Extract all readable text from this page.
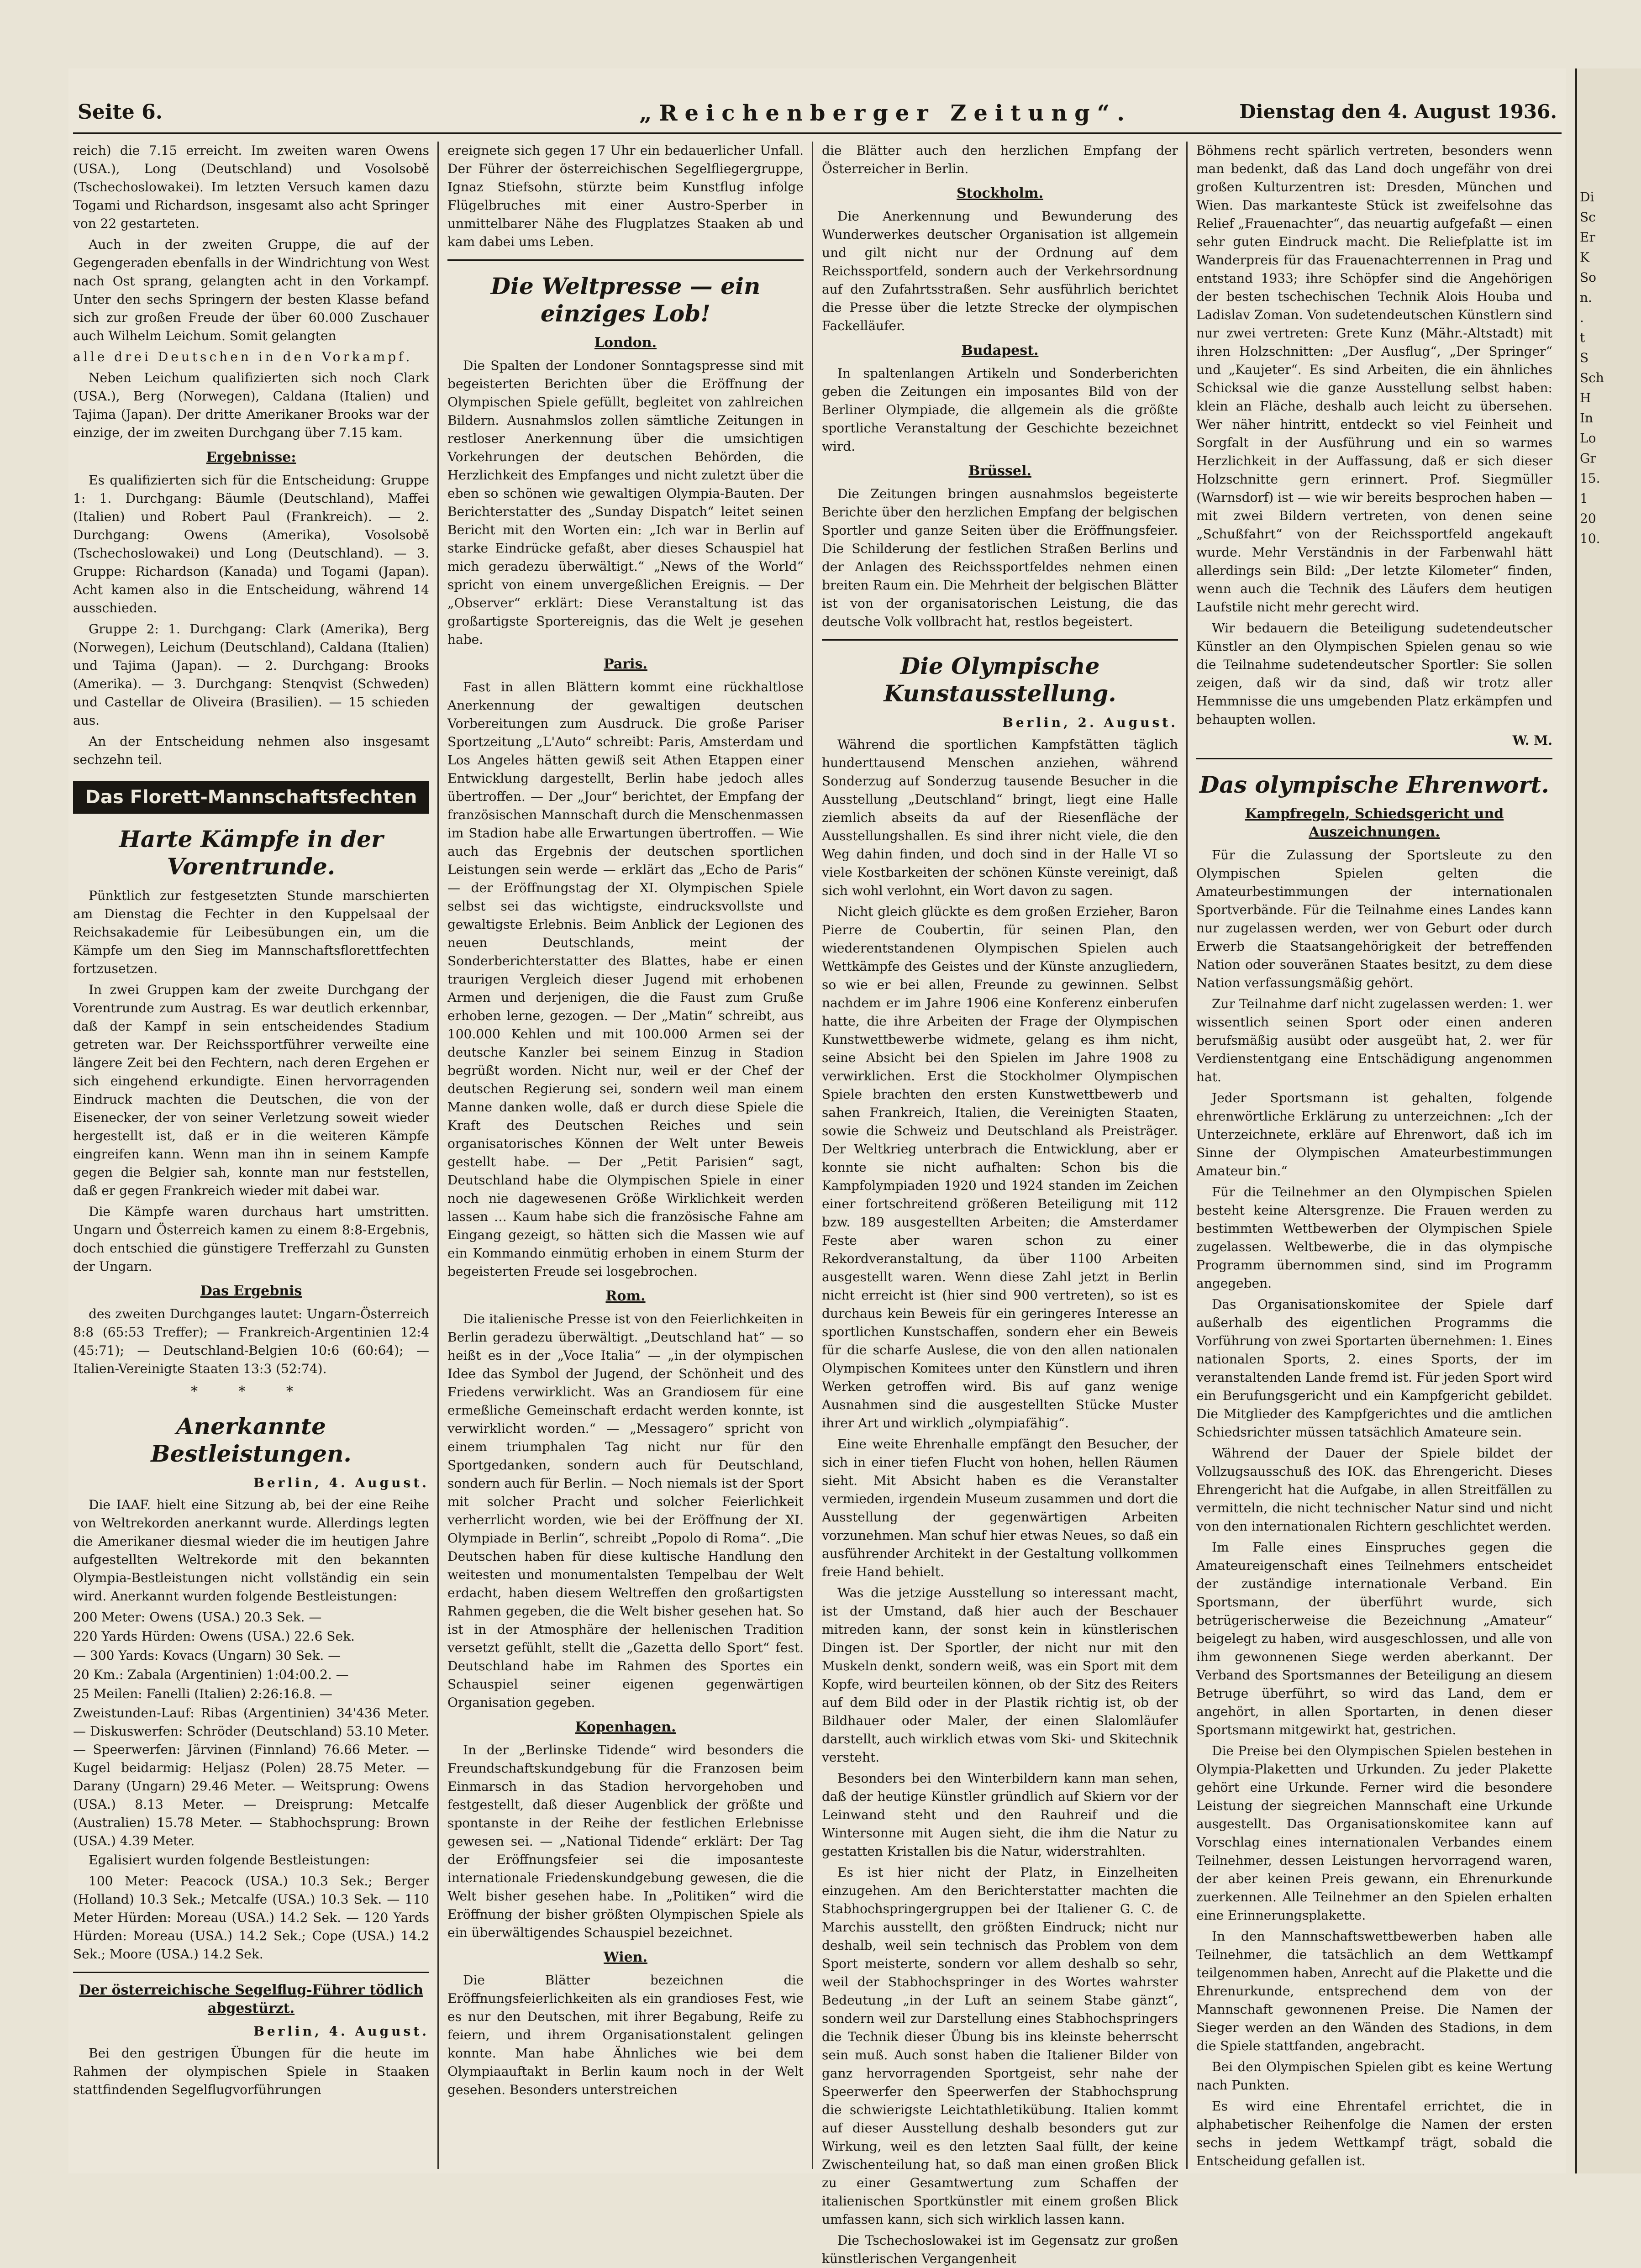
Seite 6.	„Reichenberger Zeitung“.	Dienstag den 4. August 1936.

reich) die 7.15 erreicht. Im zweiten waren Owens (USA.), Long (Deutschland) und Vosolsobě (Tschechoslowakei). Im letzten Versuch kamen dazu Togami und Richardson, insgesamt also acht Springer von 22 gestarteten.

Auch in der zweiten Gruppe, die auf der Gegengeraden ebenfalls in der Windrichtung von West nach Ost sprang, gelangten acht in den Vorkampf. Unter den sechs Springern der besten Klasse befand sich zur großen Freude der über 60.000 Zuschauer auch Wilhelm Leichum. Somit gelangten

alle drei Deutschen in den Vorkampf.

Neben Leichum qualifizierten sich noch Clark (USA.), Berg (Norwegen), Caldana (Italien) und Tajima (Japan). Der dritte Amerikaner Brooks war der einzige, der im zweiten Durchgang über 7.15 kam.

Ergebnisse:

Es qualifizierten sich für die Entscheidung: Gruppe 1: 1. Durchgang: Bäumle (Deutschland), Maffei (Italien) und Robert Paul (Frankreich). — 2. Durchgang: Owens (Amerika), Vosolsobě (Tschechoslowakei) und Long (Deutschland). — 3. Gruppe: Richardson (Kanada) und Togami (Japan). Acht kamen also in die Entscheidung, während 14 ausschieden.

Gruppe 2: 1. Durchgang: Clark (Amerika), Berg (Norwegen), Leichum (Deutschland), Caldana (Italien) und Tajima (Japan). — 2. Durchgang: Brooks (Amerika). — 3. Durchgang: Stenqvist (Schweden) und Castellar de Oliveira (Brasilien). — 15 schieden aus.

An der Entscheidung nehmen also insgesamt sechzehn teil.

Das Florett-Mannschaftsfechten
Harte Kämpfe in der Vorentrunde.

Pünktlich zur festgesetzten Stunde marschierten am Dienstag die Fechter in den Kuppelsaal der Reichsakademie für Leibesübungen ein, um die Kämpfe um den Sieg im Mannschaftsflorettfechten fortzusetzen.

In zwei Gruppen kam der zweite Durchgang der Vorentrunde zum Austrag. Es war deutlich erkennbar, daß der Kampf in sein entscheidendes Stadium getreten war. Der Reichssportführer verweilte eine längere Zeit bei den Fechtern, nach deren Ergehen er sich eingehend erkundigte. Einen hervorragenden Eindruck machten die Deutschen, die von der Eisenecker, der von seiner Verletzung soweit wieder hergestellt ist, daß er in die weiteren Kämpfe eingreifen kann. Wenn man ihn in seinem Kampfe gegen die Belgier sah, konnte man nur feststellen, daß er gegen Frankreich wieder mit dabei war.

Die Kämpfe waren durchaus hart umstritten. Ungarn und Österreich kamen zu einem 8:8-Ergebnis, doch entschied die günstigere Trefferzahl zu Gunsten der Ungarn.

Das Ergebnis

des zweiten Durchganges lautet: Ungarn-Österreich 8:8 (65:53 Treffer); — Frankreich-Argentinien 12:4 (45:71); — Deutschland-Belgien 10:6 (60:64); — Italien-Vereinigte Staaten 13:3 (52:74).

* * *
Anerkannte Bestleistungen.
Berlin, 4. August.

Die IAAF. hielt eine Sitzung ab, bei der eine Reihe von Weltrekorden anerkannt wurde. Allerdings legten die Amerikaner diesmal wieder die im heutigen Jahre aufgestellten Weltrekorde mit den bekannten Olympia-Bestleistungen nicht vollständig ein sein wird. Anerkannt wurden folgende Bestleistungen:

200 Meter: Owens (USA.) 20.3 Sek. —
220 Yards Hürden: Owens (USA.) 22.6 Sek.
— 300 Yards: Kovacs (Ungarn) 30 Sek. —
20 Km.: Zabala (Argentinien) 1:04:00.2. —
25 Meilen: Fanelli (Italien) 2:26:16.8. —
Zweistunden-Lauf: Ribas (Argentinien) 34'436 Meter. — Diskuswerfen: Schröder (Deutschland) 53.10 Meter. — Speerwerfen: Järvinen (Finnland) 76.66 Meter. — Kugel beidarmig: Heljasz (Polen) 28.75 Meter. — Darany (Ungarn) 29.46 Meter. — Weitsprung: Owens (USA.) 8.13 Meter. — Dreisprung: Metcalfe (Australien) 15.78 Meter. — Stabhochsprung: Brown (USA.) 4.39 Meter.

Egalisiert wurden folgende Bestleistungen:

100 Meter: Peacock (USA.) 10.3 Sek.; Berger (Holland) 10.3 Sek.; Metcalfe (USA.) 10.3 Sek. — 110 Meter Hürden: Moreau (USA.) 14.2 Sek. — 120 Yards Hürden: Moreau (USA.) 14.2 Sek.; Cope (USA.) 14.2 Sek.; Moore (USA.) 14.2 Sek.

Der österreichische Segelflug-Führer tödlich abgestürzt.
Berlin, 4. August.

Bei den gestrigen Übungen für die heute im Rahmen der olympischen Spiele in Staaken stattfindenden Segelflugvorführungen

ereignete sich gegen 17 Uhr ein bedauerlicher Unfall. Der Führer der österreichischen Segelfliegergruppe, Ignaz Stiefsohn, stürzte beim Kunstflug infolge Flügelbruches mit einer Austro-Sperber in unmittelbarer Nähe des Flugplatzes Staaken ab und kam dabei ums Leben.

Die Weltpresse — ein einziges Lob!
London.

Die Spalten der Londoner Sonntagspresse sind mit begeisterten Berichten über die Eröffnung der Olympischen Spiele gefüllt, begleitet von zahlreichen Bildern. Ausnahmslos zollen sämtliche Zeitungen in restloser Anerkennung über die umsichtigen Vorkehrungen der deutschen Behörden, die Herzlichkeit des Empfanges und nicht zuletzt über die eben so schönen wie gewaltigen Olympia-Bauten. Der Berichterstatter des „Sunday Dispatch“ leitet seinen Bericht mit den Worten ein: „Ich war in Berlin auf starke Eindrücke gefaßt, aber dieses Schauspiel hat mich geradezu überwältigt.“ „News of the World“ spricht von einem unvergeßlichen Ereignis. — Der „Observer“ erklärt: Diese Veranstaltung ist das großartigste Sportereignis, das die Welt je gesehen habe.

Paris.

Fast in allen Blättern kommt eine rückhaltlose Anerkennung der gewaltigen deutschen Vorbereitungen zum Ausdruck. Die große Pariser Sportzeitung „L'Auto“ schreibt: Paris, Amsterdam und Los Angeles hätten gewiß seit Athen Etappen einer Entwicklung dargestellt, Berlin habe jedoch alles übertroffen. — Der „Jour“ berichtet, der Empfang der französischen Mannschaft durch die Menschenmassen im Stadion habe alle Erwartungen übertroffen. — Wie auch das Ergebnis der deutschen sportlichen Leistungen sein werde — erklärt das „Echo de Paris“ — der Eröffnungstag der XI. Olympischen Spiele selbst sei das wichtigste, eindrucksvollste und gewaltigste Erlebnis. Beim Anblick der Legionen des neuen Deutschlands, meint der Sonderberichterstatter des Blattes, habe er einen traurigen Vergleich dieser Jugend mit erhobenen Armen und derjenigen, die die Faust zum Gruße erhoben lerne, gezogen. — Der „Matin“ schreibt, aus 100.000 Kehlen und mit 100.000 Armen sei der deutsche Kanzler bei seinem Einzug in Stadion begrüßt worden. Nicht nur, weil er der Chef der deutschen Regierung sei, sondern weil man einem Manne danken wolle, daß er durch diese Spiele die Kraft des Deutschen Reiches und sein organisatorisches Können der Welt unter Beweis gestellt habe. — Der „Petit Parisien“ sagt, Deutschland habe die Olympischen Spiele in einer noch nie dagewesenen Größe Wirklichkeit werden lassen … Kaum habe sich die französische Fahne am Eingang gezeigt, so hätten sich die Massen wie auf ein Kommando einmütig erhoben in einem Sturm der begeisterten Freude sei losgebrochen.

Rom.

Die italienische Presse ist von den Feierlichkeiten in Berlin geradezu überwältigt. „Deutschland hat“ — so heißt es in der „Voce Italia“ — „in der olympischen Idee das Symbol der Jugend, der Schönheit und des Friedens verwirklicht. Was an Grandiosem für eine ermeßliche Gemeinschaft erdacht werden konnte, ist verwirklicht worden.“ — „Messagero“ spricht von einem triumphalen Tag nicht nur für den Sportgedanken, sondern auch für Deutschland, sondern auch für Berlin. — Noch niemals ist der Sport mit solcher Pracht und solcher Feierlichkeit verherrlicht worden, wie bei der Eröffnung der XI. Olympiade in Berlin“, schreibt „Popolo di Roma“. „Die Deutschen haben für diese kultische Handlung den weitesten und monumentalsten Tempelbau der Welt erdacht, haben diesem Weltreffen den großartigsten Rahmen gegeben, die die Welt bisher gesehen hat. So ist in der Atmosphäre der hellenischen Tradition versetzt gefühlt, stellt die „Gazetta dello Sport“ fest. Deutschland habe im Rahmen des Sportes ein Schauspiel seiner eigenen gegenwärtigen Organisation gegeben.

Kopenhagen.

In der „Berlinske Tidende“ wird besonders die Freundschaftskundgebung für die Franzosen beim Einmarsch in das Stadion hervorgehoben und festgestellt, daß dieser Augenblick der größte und spontanste in der Reihe der festlichen Erlebnisse gewesen sei. — „National Tidende“ erklärt: Der Tag der Eröffnungsfeier sei die imposanteste internationale Friedenskundgebung gewesen, die die Welt bisher gesehen habe. In „Politiken“ wird die Eröffnung der bisher größten Olympischen Spiele als ein überwältigendes Schauspiel bezeichnet.

Wien.

Die Blätter bezeichnen die Eröffnungsfeierlichkeiten als ein grandioses Fest, wie es nur den Deutschen, mit ihrer Begabung, Reife zu feiern, und ihrem Organisationstalent gelingen konnte. Man habe Ähnliches wie bei dem Olympiaauftakt in Berlin kaum noch in der Welt gesehen. Besonders unterstreichen

die Blätter auch den herzlichen Empfang der Österreicher in Berlin.

Stockholm.

Die Anerkennung und Bewunderung des Wunderwerkes deutscher Organisation ist allgemein und gilt nicht nur der Ordnung auf dem Reichssportfeld, sondern auch der Verkehrsordnung auf den Zufahrtsstraßen. Sehr ausführlich berichtet die Presse über die letzte Strecke der olympischen Fackelläufer.

Budapest.

In spaltenlangen Artikeln und Sonderberichten geben die Zeitungen ein imposantes Bild von der Berliner Olympiade, die allgemein als die größte sportliche Veranstaltung der Geschichte bezeichnet wird.

Brüssel.

Die Zeitungen bringen ausnahmslos begeisterte Berichte über den herzlichen Empfang der belgischen Sportler und ganze Seiten über die Eröffnungsfeier. Die Schilderung der festlichen Straßen Berlins und der Anlagen des Reichssportfeldes nehmen einen breiten Raum ein. Die Mehrheit der belgischen Blätter ist von der organisatorischen Leistung, die das deutsche Volk vollbracht hat, restlos begeistert.

Die Olympische Kunstausstellung.
Berlin, 2. August.

Während die sportlichen Kampfstätten täglich hunderttausend Menschen anziehen, während Sonderzug auf Sonderzug tausende Besucher in die Ausstellung „Deutschland“ bringt, liegt eine Halle ziemlich abseits da auf der Riesenfläche der Ausstellungshallen. Es sind ihrer nicht viele, die den Weg dahin finden, und doch sind in der Halle VI so viele Kostbarkeiten der schönen Künste vereinigt, daß sich wohl verlohnt, ein Wort davon zu sagen.

Nicht gleich glückte es dem großen Erzieher, Baron Pierre de Coubertin, für seinen Plan, den wiederentstandenen Olympischen Spielen auch Wettkämpfe des Geistes und der Künste anzugliedern, so wie er bei allen, Freunde zu gewinnen. Selbst nachdem er im Jahre 1906 eine Konferenz einberufen hatte, die ihre Arbeiten der Frage der Olympischen Kunstwettbewerbe widmete, gelang es ihm nicht, seine Absicht bei den Spielen im Jahre 1908 zu verwirklichen. Erst die Stockholmer Olympischen Spiele brachten den ersten Kunstwettbewerb und sahen Frankreich, Italien, die Vereinigten Staaten, sowie die Schweiz und Deutschland als Preisträger. Der Weltkrieg unterbrach die Entwicklung, aber er konnte sie nicht aufhalten: Schon bis die Kampfolympiaden 1920 und 1924 standen im Zeichen einer fortschreitend größeren Beteiligung mit 112 bzw. 189 ausgestellten Arbeiten; die Amsterdamer Feste aber waren schon zu einer Rekordveranstaltung, da über 1100 Arbeiten ausgestellt waren. Wenn diese Zahl jetzt in Berlin nicht erreicht ist (hier sind 900 vertreten), so ist es durchaus kein Beweis für ein geringeres Interesse an sportlichen Kunstschaffen, sondern eher ein Beweis für die scharfe Auslese, die von den allen nationalen Olympischen Komitees unter den Künstlern und ihren Werken getroffen wird. Bis auf ganz wenige Ausnahmen sind die ausgestellten Stücke Muster ihrer Art und wirklich „olympiafähig“.

Eine weite Ehrenhalle empfängt den Besucher, der sich in einer tiefen Flucht von hohen, hellen Räumen sieht. Mit Absicht haben es die Veranstalter vermieden, irgendein Museum zusammen und dort die Ausstellung der gegenwärtigen Arbeiten vorzunehmen. Man schuf hier etwas Neues, so daß ein ausführender Architekt in der Gestaltung vollkommen freie Hand behielt.

Was die jetzige Ausstellung so interessant macht, ist der Umstand, daß hier auch der Beschauer mitreden kann, der sonst kein in künstlerischen Dingen ist. Der Sportler, der nicht nur mit den Muskeln denkt, sondern weiß, was ein Sport mit dem Kopfe, wird beurteilen können, ob der Sitz des Reiters auf dem Bild oder in der Plastik richtig ist, ob der Bildhauer oder Maler, der einen Slalomläufer darstellt, auch wirklich etwas vom Ski- und Skitechnik versteht.

Besonders bei den Winterbildern kann man sehen, daß der heutige Künstler gründlich auf Skiern vor der Leinwand steht und den Rauhreif und die Wintersonne mit Augen sieht, die ihm die Natur zu gestatten Kristallen bis die Natur, widerstrahlten.

Es ist hier nicht der Platz, in Einzelheiten einzugehen. Am den Berichterstatter machten die Stabhochspringergruppen bei der Italiener G. C. de Marchis ausstellt, den größten Eindruck; nicht nur deshalb, weil sein technisch das Problem von dem Sport meisterte, sondern vor allem deshalb so sehr, weil der Stabhochspringer in des Wortes wahrster Bedeutung „in der Luft an seinem Stabe gänzt“, sondern weil zur Darstellung eines Stabhochspringers die Technik dieser Übung bis ins kleinste beherrscht sein muß. Auch sonst haben die Italiener Bilder von ganz hervorragenden Sportgeist, sehr nahe der Speerwerfer den Speerwerfen der Stabhochsprung die schwierigste Leichtathletikübung. Italien kommt auf dieser Ausstellung deshalb besonders gut zur Wirkung, weil es den letzten Saal füllt, der keine Zwischenteilung hat, so daß man einen großen Blick zu einer Gesamtwertung zum Schaffen der italienischen Sportkünstler mit einem großen Blick umfassen kann, sich sich wirklich lassen kann.

Die Tschechoslowakei ist im Gegensatz zur großen künstlerischen Vergangenheit

Böhmens recht spärlich vertreten, besonders wenn man bedenkt, daß das Land doch ungefähr von drei großen Kulturzentren ist: Dresden, München und Wien. Das markanteste Stück ist zweifelsohne das Relief „Frauenachter“, das neuartig aufgefaßt — einen sehr guten Eindruck macht. Die Reliefplatte ist im Wanderpreis für das Frauenachterrennen in Prag und entstand 1933; ihre Schöpfer sind die Angehörigen der besten tschechischen Technik Alois Houba und Ladislav Zoman. Von sudetendeutschen Künstlern sind nur zwei vertreten: Grete Kunz (Mähr.-Altstadt) mit ihren Holzschnitten: „Der Ausflug“, „Der Springer“ und „Kaujeter“. Es sind Arbeiten, die ein ähnliches Schicksal wie die ganze Ausstellung selbst haben: klein an Fläche, deshalb auch leicht zu übersehen. Wer näher hintritt, entdeckt so viel Feinheit und Sorgfalt in der Ausführung und ein so warmes Herzlichkeit in der Auffassung, daß er sich dieser Holzschnitte gern erinnert. Prof. Siegmüller (Warnsdorf) ist — wie wir bereits besprochen haben — mit zwei Bildern vertreten, von denen seine „Schußfahrt“ von der Reichssportfeld angekauft wurde. Mehr Verständnis in der Farbenwahl hätt allerdings sein Bild: „Der letzte Kilometer“ finden, wenn auch die Technik des Läufers dem heutigen Laufstile nicht mehr gerecht wird.

Wir bedauern die Beteiligung sudetendeutscher Künstler an den Olympischen Spielen genau so wie die Teilnahme sudetendeutscher Sportler: Sie sollen zeigen, daß wir da sind, daß wir trotz aller Hemmnisse die uns umgebenden Platz erkämpfen und behaupten wollen.

W. M.
Das olympische Ehrenwort.
Kampfregeln, Schiedsgericht und Auszeichnungen.

Für die Zulassung der Sportsleute zu den Olympischen Spielen gelten die Amateurbestimmungen der internationalen Sportverbände. Für die Teilnahme eines Landes kann nur zugelassen werden, wer von Geburt oder durch Erwerb die Staatsangehörigkeit der betreffenden Nation oder souveränen Staates besitzt, zu dem diese Nation verfassungsmäßig gehört.

Zur Teilnahme darf nicht zugelassen werden: 1. wer wissentlich seinen Sport oder einen anderen berufsmäßig ausübt oder ausgeübt hat, 2. wer für Verdienstentgang eine Entschädigung angenommen hat.

Jeder Sportsmann ist gehalten, folgende ehrenwörtliche Erklärung zu unterzeichnen: „Ich der Unterzeichnete, erkläre auf Ehrenwort, daß ich im Sinne der Olympischen Amateurbestimmungen Amateur bin.“

Für die Teilnehmer an den Olympischen Spielen besteht keine Altersgrenze. Die Frauen werden zu bestimmten Wettbewerben der Olympischen Spiele zugelassen. Weltbewerbe, die in das olympische Programm übernommen sind, sind im Programm angegeben.

Das Organisationskomitee der Spiele darf außerhalb des eigentlichen Programms die Vorführung von zwei Sportarten übernehmen: 1. Eines nationalen Sports, 2. eines Sports, der im veranstaltenden Lande fremd ist. Für jeden Sport wird ein Berufungsgericht und ein Kampfgericht gebildet. Die Mitglieder des Kampfgerichtes und die amtlichen Schiedsrichter müssen tatsächlich Amateure sein.

Während der Dauer der Spiele bildet der Vollzugsausschuß des IOK. das Ehrengericht. Dieses Ehrengericht hat die Aufgabe, in allen Streitfällen zu vermitteln, die nicht technischer Natur sind und nicht von den internationalen Richtern geschlichtet werden.

Im Falle eines Einspruches gegen die Amateureigenschaft eines Teilnehmers entscheidet der zuständige internationale Verband. Ein Sportsmann, der überführt wurde, sich betrügerischerweise die Bezeichnung „Amateur“ beigelegt zu haben, wird ausgeschlossen, und alle von ihm gewonnenen Siege werden aberkannt. Der Verband des Sportsmannes der Beteiligung an diesem Betruge überführt, so wird das Land, dem er angehört, in allen Sportarten, in denen dieser Sportsmann mitgewirkt hat, gestrichen.

Die Preise bei den Olympischen Spielen bestehen in Olympia-Plaketten und Urkunden. Zu jeder Plakette gehört eine Urkunde. Ferner wird die besondere Leistung der siegreichen Mannschaft eine Urkunde ausgestellt. Das Organisationskomitee kann auf Vorschlag eines internationalen Verbandes einem Teilnehmer, dessen Leistungen hervorragend waren, der aber keinen Preis gewann, ein Ehrenurkunde zuerkennen. Alle Teilnehmer an den Spielen erhalten eine Erinnerungsplakette.

In den Mannschaftswettbewerben haben alle Teilnehmer, die tatsächlich an dem Wettkampf teilgenommen haben, Anrecht auf die Plakette und die Ehrenurkunde, entsprechend dem von der Mannschaft gewonnenen Preise. Die Namen der Sieger werden an den Wänden des Stadions, in dem die Spiele stattfanden, angebracht.

Bei den Olympischen Spielen gibt es keine Wertung nach Punkten.

Es wird eine Ehrentafel errichtet, die in alphabetischer Reihenfolge die Namen der ersten sechs in jedem Wettkampf trägt, sobald die Entscheidung gefallen ist.

Di
Sc
Er
K
So
n.
.
t
S
Sch
H
In
Lo
Gr
15.
1
20
10.
